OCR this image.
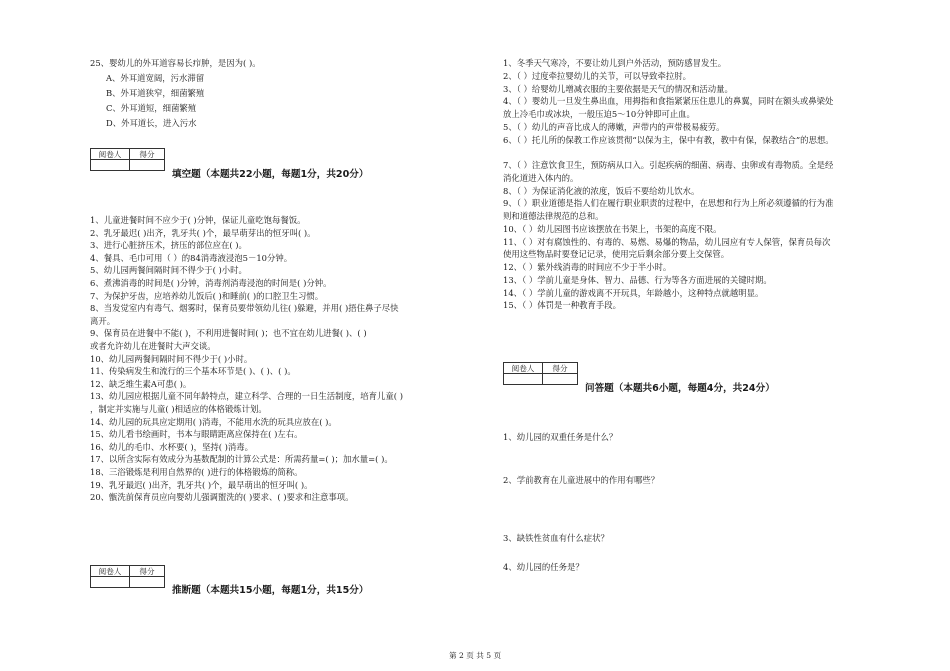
25、婴幼儿的外耳道容易长疖肿，是因为( )。
A、外耳道宽阔，污水滞留
B、外耳道狭窄，细菌繁殖
C、外耳道短，细菌繁殖
D、外耳道长，进入污水
阅卷人	得分

填空题（本题共22小题，每题1分，共20分）
1、儿童进餐时间不应少于( )分钟，保证儿童吃饱每餐饭。
2、乳牙最迟( )出齐，乳牙共( )个，最早萌芽出的恒牙叫( )。
3、进行心脏挤压术，挤压的部位应在( )。
4、餐具、毛巾可用（ ）的84消毒液浸泡5－10分钟。
5、幼儿园两餐间隔时间不得少于( )小时。
6、煮沸消毒的时间是( )分钟，消毒剂消毒浸泡的时间是( )分钟。
7、为保护牙齿，应培养幼儿饭后( )和睡前( )的口腔卫生习惯。
8、当发觉室内有毒气、烟雾时，保育员要带领幼儿往( )躲避，并用( )捂住鼻子尽快
离开。
9、保育员在进餐中不能( )，不利用进餐时间( )；也不宜在幼儿进餐( )、( )
或者允许幼儿在进餐时大声交谈。
10、幼儿园两餐间隔时间不得少于( )小时。
11、传染病发生和流行的三个基本环节是( )、( )、( )。
12、缺乏维生素A可患( )。
13、幼儿园应根据儿童不同年龄特点，建立科学、合理的一日生活制度，培育儿童( )
，制定并实施与儿童( )相适应的体格锻炼计划。
14、幼儿园的玩具应定期用( )消毒，不能用水洗的玩具应放在( )。
15、幼儿看书绘画时，书本与眼睛距离应保持在( )左右。
16、幼儿的毛巾、水杯要( )，坚持( )消毒。
17、以所含实际有效成分为基数配制的计算公式是：所需药量=( )；加水量=( )。
18、三浴锻炼是利用自然界的( )进行的体格锻炼的简称。
19、乳牙最迟( )出齐，乳牙共( )个，最早萌出的恒牙叫( )。
20、甑洗前保育员应向婴幼儿强调盥洗的( )要求、( )要求和注意事项。
阅卷人	得分

推断题（本题共15小题，每题1分，共15分）
1、冬季天气寒冷，不要让幼儿到户外活动，预防感冒发生。
2、（ ）过度牵拉婴幼儿的关节，可以导致牵拉肘。
3、（ ）给婴幼儿增减衣服的主要依据是天气的情况和活动量。
4、（ ）婴幼儿一旦发生鼻出血，用拇指和食指紧紧压住患儿的鼻翼，同时在额头或鼻梁处
放上冷毛巾或冰块，一般压迫5～10分钟即可止血。
5、（ ）幼儿的声音比成人的薄嫩，声带内的声带极易疲劳。
6、（ ）托儿所的保教工作应该贯彻“以保为主，保中有教，教中有保，保教结合”的思想。
7、（ ）注意饮食卫生，预防病从口入。引起疾病的细菌、病毒、虫卵或有毒物质。全是经
消化道进入体内的。
8、（ ）为保证消化液的浓度，饭后不要给幼儿饮水。
9、（ ）职业道德是指人们在履行职业职责的过程中，在思想和行为上所必须遵循的行为准
则和道德法律规范的总和。
10、（ ）幼儿园图书应该摆放在书架上，书架的高度不限。
11、（ ）对有腐蚀性的、有毒的、易燃、易爆的物品，幼儿园应有专人保管，保育员每次
使用这些物品时要登记记录，使用完后剩余部分要上交保管。
12、（ ）紫外线消毒的时间应不少于半小时。
13、（ ）学前儿童是身体、智力、品德、行为等各方面进展的关键时期。
14、（ ）学前儿童的游戏离不开玩具，年龄越小，这种特点就越明显。
15、（ ）体罚是一种教育手段。
阅卷人	得分

问答题（本题共6小题，每题4分，共24分）
1、幼儿园的双重任务是什么？
2、学前教育在儿童进展中的作用有哪些？
3、缺铁性贫血有什么症状？
4、幼儿园的任务是？
第 2 页 共 5 页
